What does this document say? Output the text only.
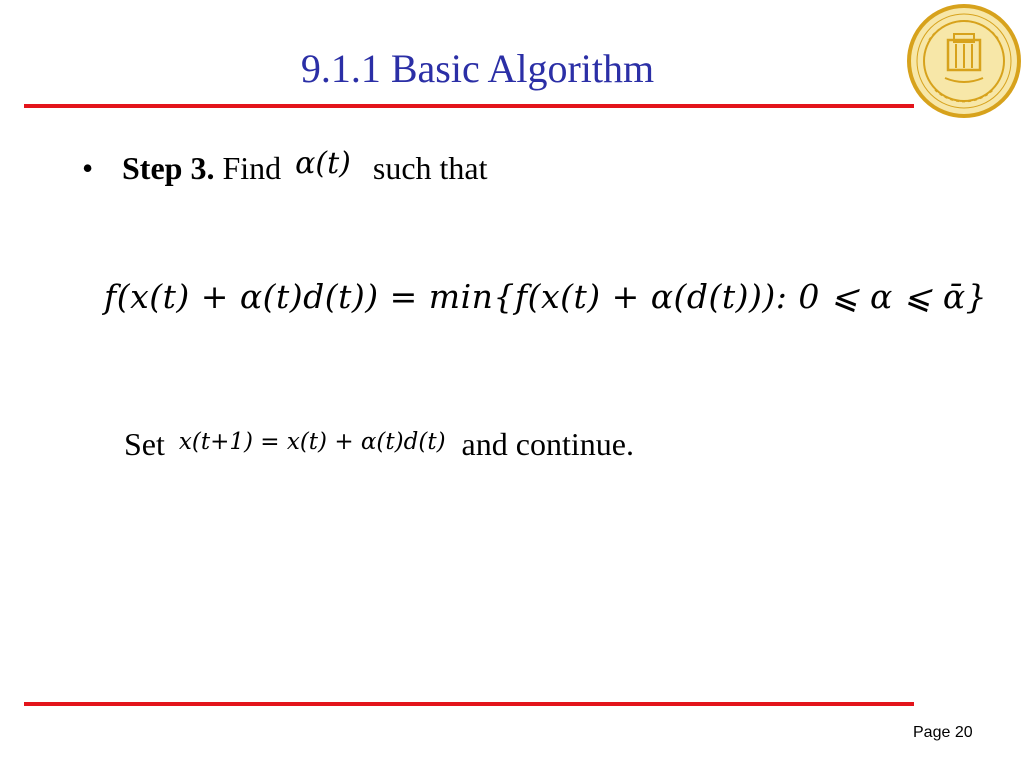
9.1.1 Basic Algorithm
• Step 3. Find α(t) such that
f(x(t) + α(t)d(t)) = min{f(x(t) + α(d(t))): 0 ⩽ α ⩽ ᾱ}
Set x(t+1) = x(t) + α(t)d(t) and continue.
Page 20
